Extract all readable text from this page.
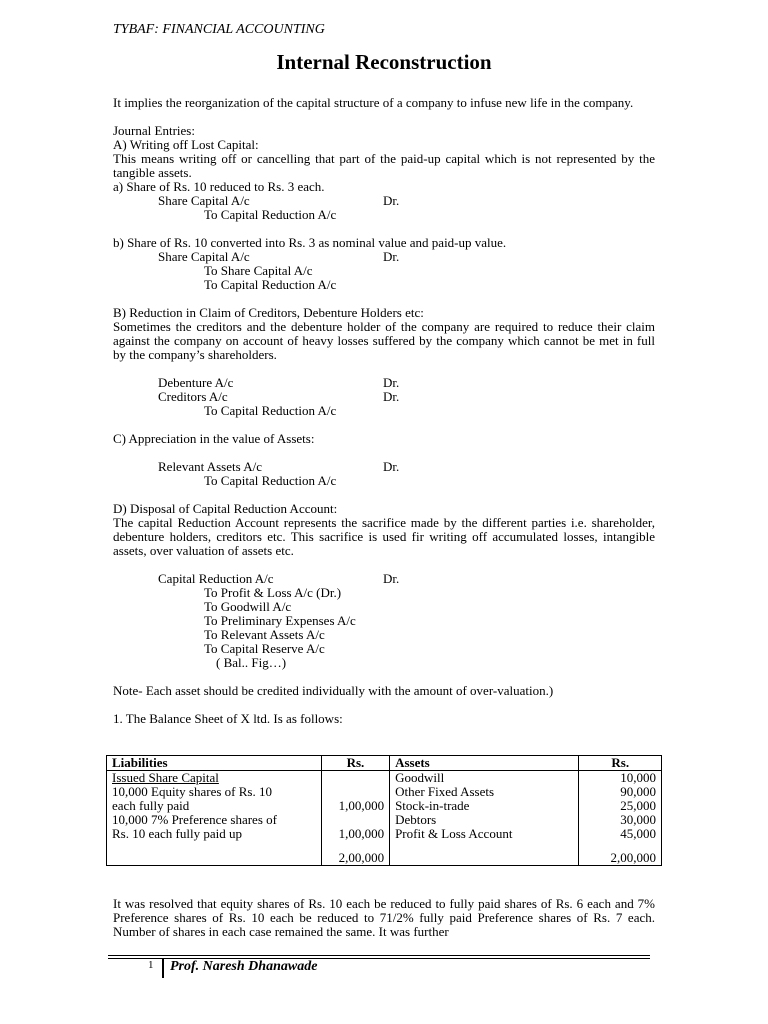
TYBAF: FINANCIAL ACCOUNTING
Internal Reconstruction

It implies the reorganization of the capital structure of a company to infuse new life in the company.

Journal Entries:

A) Writing off Lost Capital:

This means writing off or cancelling that part of the paid-up capital which is not represented by the tangible assets.

a) Share of Rs. 10 reduced to Rs. 3 each.

Share Capital A/c	Dr.
To Capital Reduction A/c

b) Share of Rs. 10 converted into Rs. 3 as nominal value and paid-up value.

Share Capital A/c	Dr.
To Share Capital A/c
To Capital Reduction A/c

B) Reduction in Claim of Creditors, Debenture Holders etc:

Sometimes the creditors and the debenture holder of the company are required to reduce their claim against the company on account of heavy losses suffered by the company which cannot be met in full by the company’s shareholders.

Debenture A/c	Dr.
Creditors A/c	Dr.
To Capital Reduction A/c

C) Appreciation in the value of Assets:

Relevant Assets A/c	Dr.
To Capital Reduction A/c

D) Disposal of Capital Reduction Account:

The capital Reduction Account represents the sacrifice made by the different parties i.e. shareholder, debenture holders, creditors etc. This sacrifice is used fir writing off accumulated losses, intangible assets, over valuation of assets etc.

Capital Reduction A/c	Dr.
To Profit & Loss A/c (Dr.)
To Goodwill A/c
To Preliminary Expenses A/c
To Relevant Assets A/c
To Capital Reserve A/c
( Bal.. Fig…)

Note- Each asset should be credited individually with the amount of over-valuation.)

1. The Balance Sheet of X ltd. Is as follows:

Liabilities	Rs.	Assets	Rs.
Issued Share Capital		Goodwill	10,000
10,000 Equity shares of Rs. 10		Other Fixed Assets	90,000
each fully paid	1,00,000	Stock-in-trade	25,000
10,000 7% Preference shares of		Debtors	30,000
Rs. 10 each fully paid up	1,00,000	Profit & Loss Account	45,000

	2,00,000		2,00,000

It was resolved that equity shares of Rs. 10 each be reduced to fully paid shares of Rs. 6 each and 7% Preference shares of Rs. 10 each be reduced to 71/2% fully paid Preference shares of Rs. 7 each. Number of shares in each case remained the same. It was further

1 Prof. Naresh Dhanawade
